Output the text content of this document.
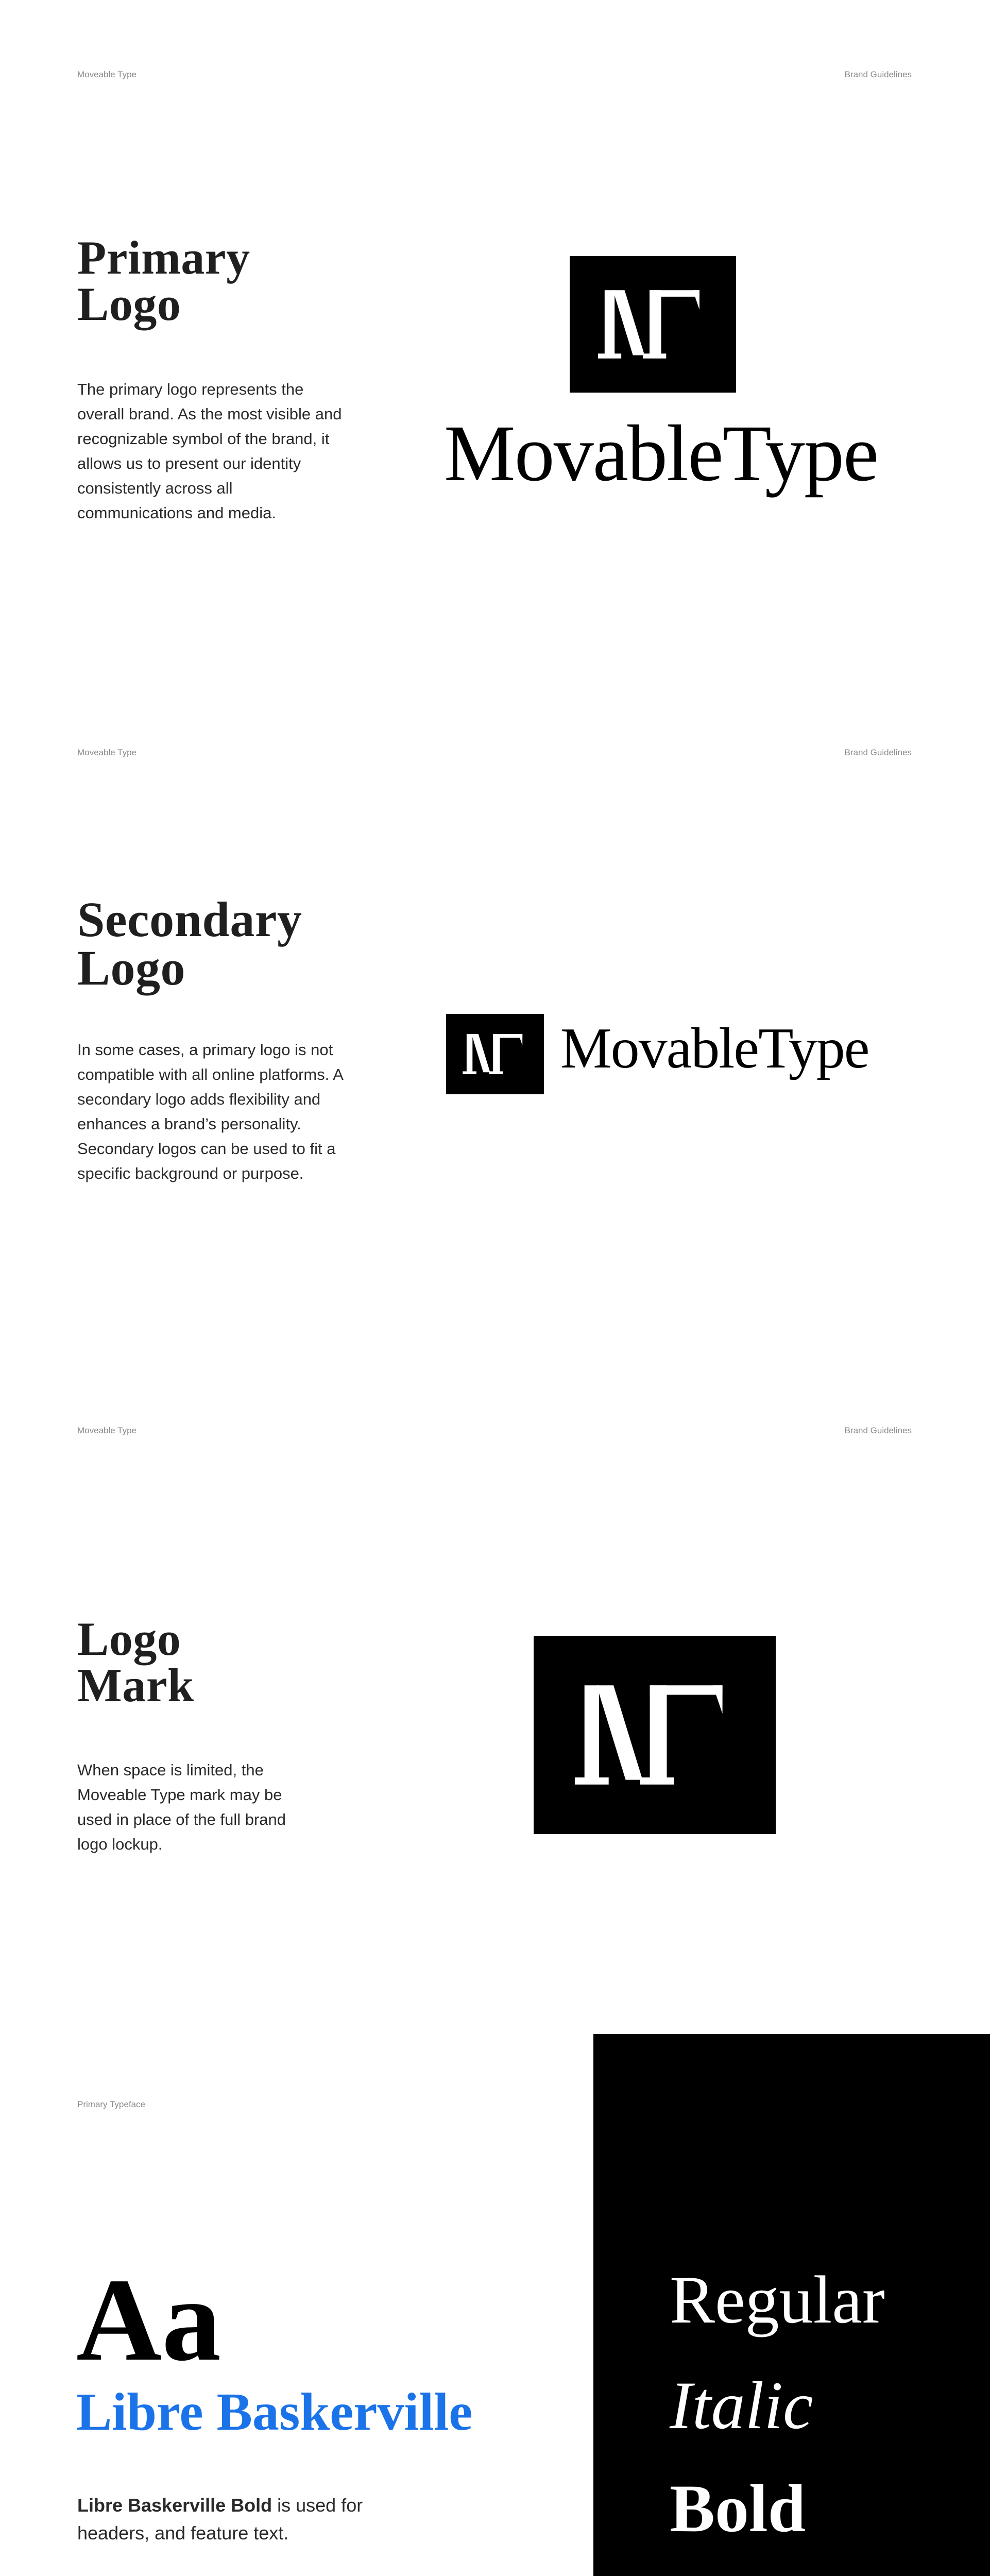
Moveable Type	Brand Guidelines
Primary
Logo

The primary logo represents the overall brand. As the most visible and recognizable symbol of the brand, it allows us to present our identity consistently across all communications and media.

MovableType
Moveable Type	Brand Guidelines
Secondary
Logo

In some cases, a primary logo is not compatible with all online platforms. A secondary logo adds flexibility and enhances a brand’s personality. Secondary logos can be used to fit a specific background or purpose.

MovableType
Moveable Type	Brand Guidelines
Logo
Mark

When space is limited, the Moveable Type mark may be used in place of the full brand logo lockup.

Primary Typeface
Aa
Libre Baskerville

Libre Baskerville Bold is used for headers, and feature text.

Regular
Italic
Bold
